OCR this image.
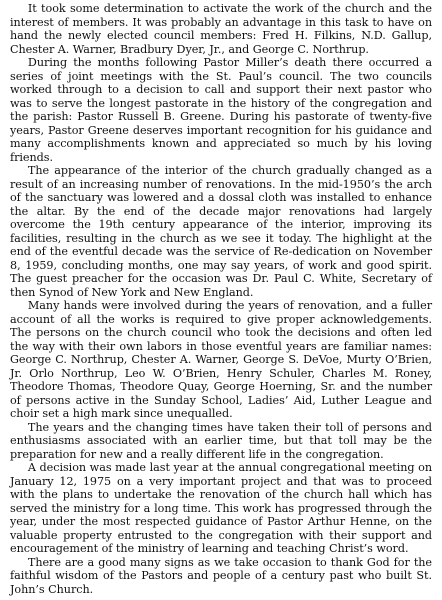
It took some determination to activate the work of the church and the interest of members. It was probably an advantage in this task to have on hand the newly elected council members: Fred H. Filkins, N.D. Gallup, Chester A. Warner, Bradbury Dyer, Jr., and George C. Northrup.

During the months following Pastor Miller’s death there occurred a series of joint meetings with the St. Paul’s council. The two councils worked through to a decision to call and support their next pastor who was to serve the longest pastorate in the history of the congregation and the parish: Pastor Russell B. Greene. During his pastorate of twenty-five years, Pastor Greene deserves important recognition for his guidance and many accomplishments known and appreciated so much by his loving friends.

The appearance of the interior of the church gradually changed as a result of an increasing number of renovations. In the mid-1950’s the arch of the sanctuary was lowered and a dossal cloth was installed to enhance the altar. By the end of the decade major renovations had largely overcome the 19th century appearance of the interior, improving its facilities, resulting in the church as we see it today. The highlight at the end of the eventful decade was the service of Re-dedication on November 8, 1959, concluding months, one may say years, of work and good spirit. The guest preacher for the occasion was Dr. Paul C. White, Secretary of then Synod of New York and New England.

Many hands were involved during the years of renovation, and a fuller account of all the works is required to give proper acknowledgements. The persons on the church council who took the decisions and often led the way with their own labors in those eventful years are familiar names: George C. Northrup, Chester A. Warner, George S. DeVoe, Murty O’Brien, Jr. Orlo Northrup, Leo W. O’Brien, Henry Schuler, Charles M. Roney, Theodore Thomas, Theodore Quay, George Hoerning, Sr. and the number of persons active in the Sunday School, Ladies’ Aid, Luther League and choir set a high mark since unequalled.

The years and the changing times have taken their toll of persons and enthusiasms associated with an earlier time, but that toll may be the preparation for new and a really different life in the congregation.

A decision was made last year at the annual congregational meeting on January 12, 1975 on a very important project and that was to proceed with the plans to undertake the renovation of the church hall which has served the ministry for a long time. This work has progressed through the year, under the most respected guidance of Pastor Arthur Henne, on the valuable property entrusted to the congregation with their support and encouragement of the ministry of learning and teaching Christ’s word.

There are a good many signs as we take occasion to thank God for the faithful wisdom of the Pastors and people of a century past who built St. John’s Church.
